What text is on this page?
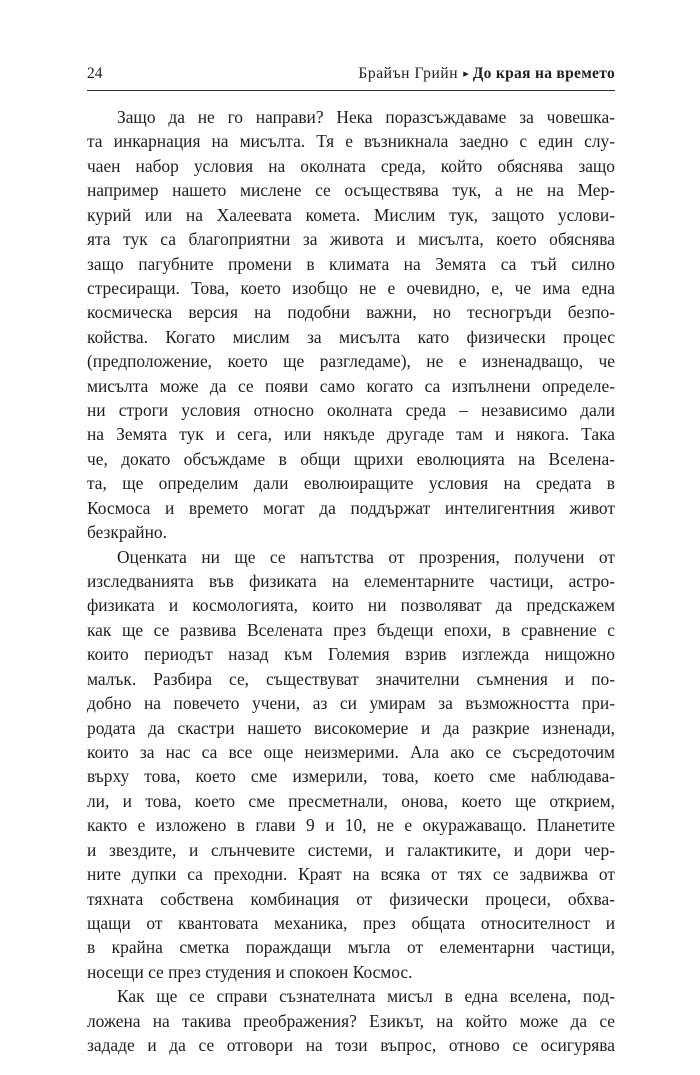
24	Брайън Грийн ▸ До края на времето
Защо да не го направи? Нека поразсъждаваме за човешка-
та инкарнация на мисълта. Тя е възникнала заедно с един слу-
чаен набор условия на околната среда, който обяснява защо
например нашето мислене се осъществява тук, а не на Мер-
курий или на Халеевата комета. Мислим тук, защото услови-
ята тук са благоприятни за живота и мисълта, което обяснява
защо пагубните промени в климата на Земята са тъй силно
стресиращи. Това, което изобщо не е очевидно, е, че има една
космическа версия на подобни важни, но тесногръди безпо-
койства. Когато мислим за мисълта като физически процес
(предположение, което ще разгледаме), не е изненадващо, че
мисълта може да се появи само когато са изпълнени определе-
ни строги условия относно околната среда – независимо дали
на Земята тук и сега, или някъде другаде там и някога. Така
че, докато обсъждаме в общи щрихи еволюцията на Вселена-
та, ще определим дали еволюиращите условия на средата в
Космоса и времето могат да поддържат интелигентния живот
безкрайно.
Оценката ни ще се напътства от прозрения, получени от
изследванията във физиката на елементарните частици, астро-
физиката и космологията, които ни позволяват да предскажем
как ще се развива Вселената през бъдещи епохи, в сравнение с
които периодът назад към Големия взрив изглежда нищожно
малък. Разбира се, съществуват значителни съмнения и по-
добно на повечето учени, аз си умирам за възможността при-
родата да скастри нашето високомерие и да разкрие изненади,
които за нас са все още неизмерими. Ала ако се съсредоточим
върху това, което сме измерили, това, което сме наблюдава-
ли, и това, което сме пресметнали, онова, което ще открием,
както е изложено в глави 9 и 10, не е окуражаващо. Планетите
и звездите, и слънчевите системи, и галактиките, и дори чер-
ните дупки са преходни. Краят на всяка от тях се задвижва от
тяхната собствена комбинация от физически процеси, обхва-
щащи от квантовата механика, през общата относителност и
в крайна сметка пораждащи мъгла от елементарни частици,
носещи се през студения и спокоен Космос.
Как ще се справи съзнателната мисъл в една вселена, под-
ложена на такива преображения? Езикът, на който може да се
зададе и да се отговори на този въпрос, отново се осигурява
